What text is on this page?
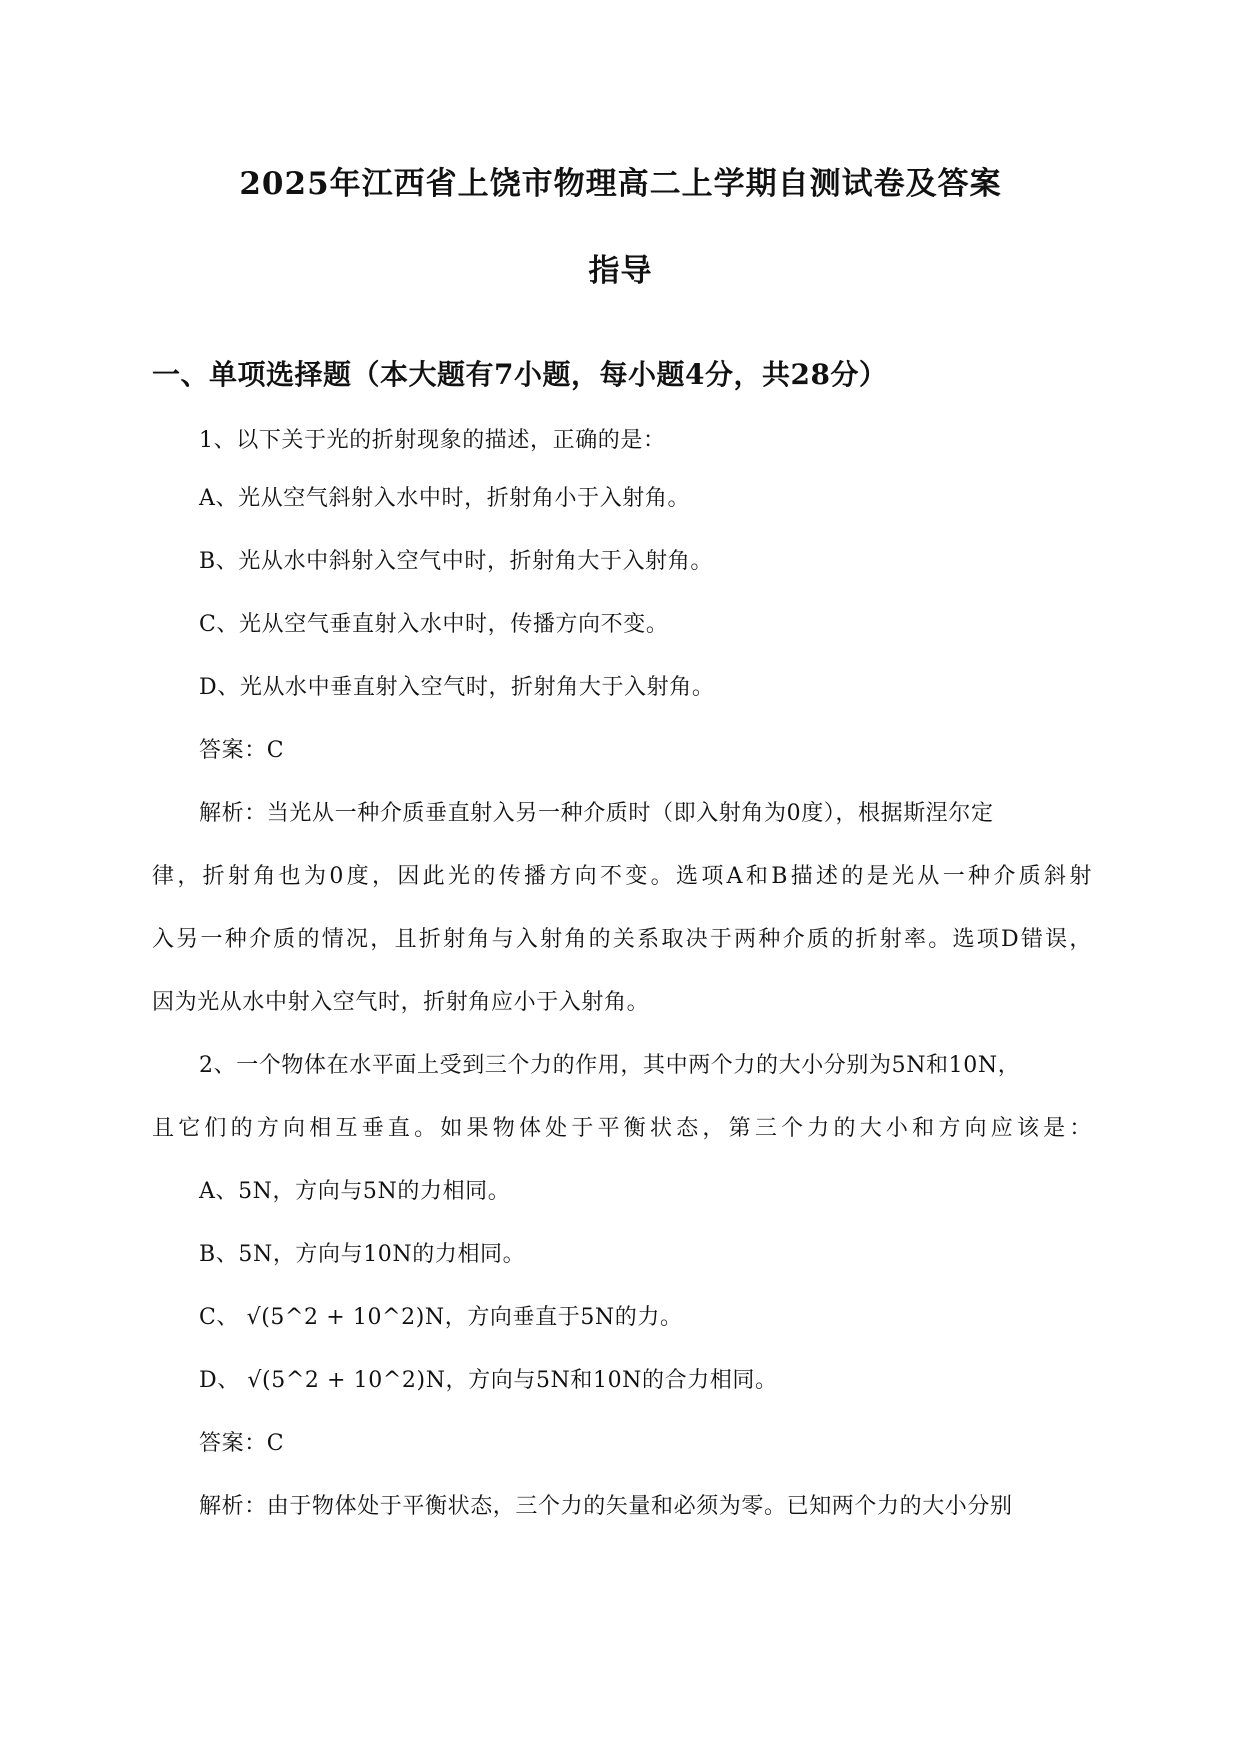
2025年江西省上饶市物理高二上学期自测试卷及答案
指导
一、单项选择题（本大题有7小题，每小题4分，共28分）
1、以下关于光的折射现象的描述，正确的是：
A、光从空气斜射入水中时，折射角小于入射角。
B、光从水中斜射入空气中时，折射角大于入射角。
C、光从空气垂直射入水中时，传播方向不变。
D、光从水中垂直射入空气时，折射角大于入射角。
答案：C
解析：当光从一种介质垂直射入另一种介质时（即入射角为0度），根据斯涅尔定
律，折射角也为0度，因此光的传播方向不变。选项A和B描述的是光从一种介质斜射
入另一种介质的情况，且折射角与入射角的关系取决于两种介质的折射率。选项D错误，
因为光从水中射入空气时，折射角应小于入射角。
2、一个物体在水平面上受到三个力的作用，其中两个力的大小分别为5N和10N，
且它们的方向相互垂直。如果物体处于平衡状态，第三个力的大小和方向应该是：
A、5N，方向与5N的力相同。
B、5N，方向与10N的力相同。
C、 √(5^2 + 10^2)N，方向垂直于5N的力。
D、 √(5^2 + 10^2)N，方向与5N和10N的合力相同。
答案：C
解析：由于物体处于平衡状态，三个力的矢量和必须为零。已知两个力的大小分别
